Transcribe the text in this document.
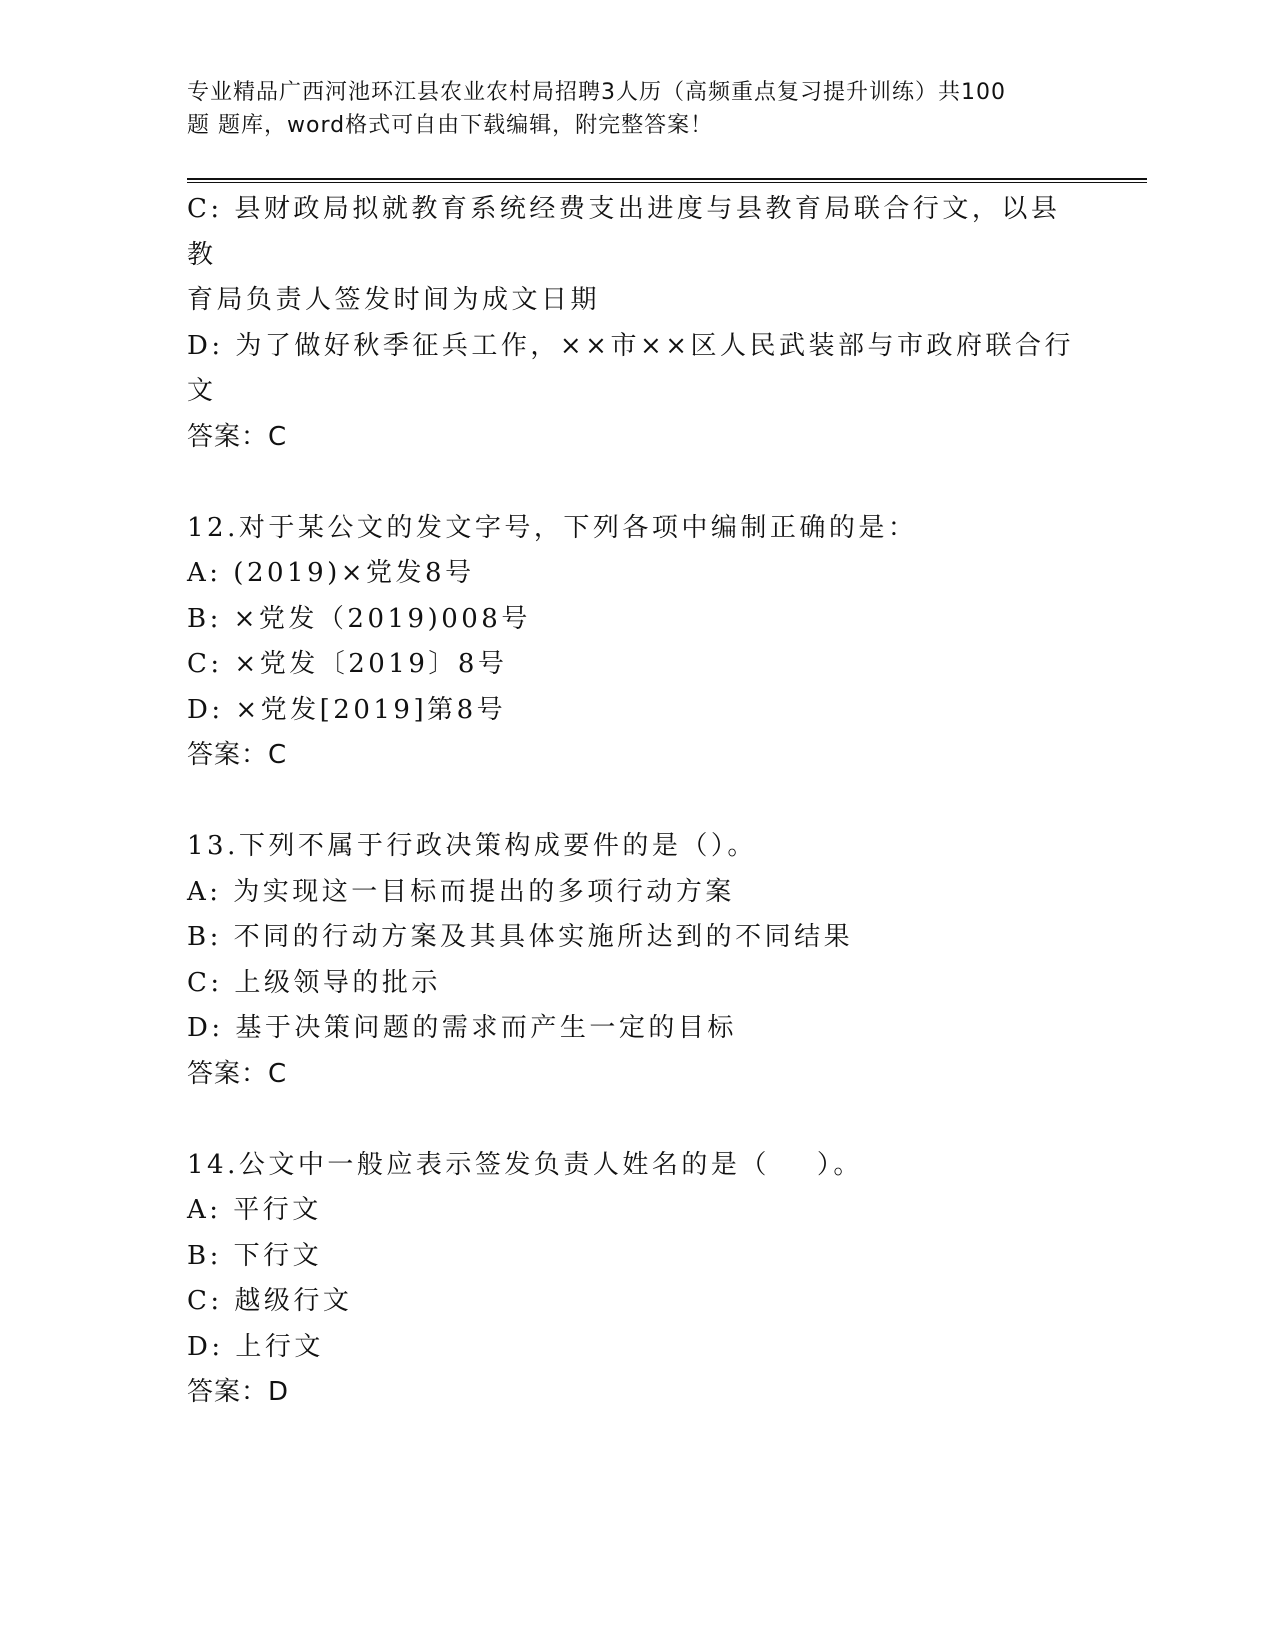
专业精品广西河池环江县农业农村局招聘3人历（高频重点复习提升训练）共100
题 题库，word格式可自由下载编辑，附完整答案！
C: 县财政局拟就教育系统经费支出进度与县教育局联合行文，以县教
育局负责人签发时间为成文日期
D: 为了做好秋季征兵工作，××市××区人民武装部与市政府联合行
文
答案：C
12.对于某公文的发文字号，下列各项中编制正确的是：
A: (2019)×党发8号
B: ×党发（2019)008号
C: ×党发〔2019〕8号
D: ×党发[2019]第8号
答案：C
13.下列不属于行政决策构成要件的是（）。
A: 为实现这一目标而提出的多项行动方案
B: 不同的行动方案及其具体实施所达到的不同结果
C: 上级领导的批示
D: 基于决策问题的需求而产生一定的目标
答案：C
14.公文中一般应表示签发负责人姓名的是（    ）。
A: 平行文
B: 下行文
C: 越级行文
D: 上行文
答案：D
